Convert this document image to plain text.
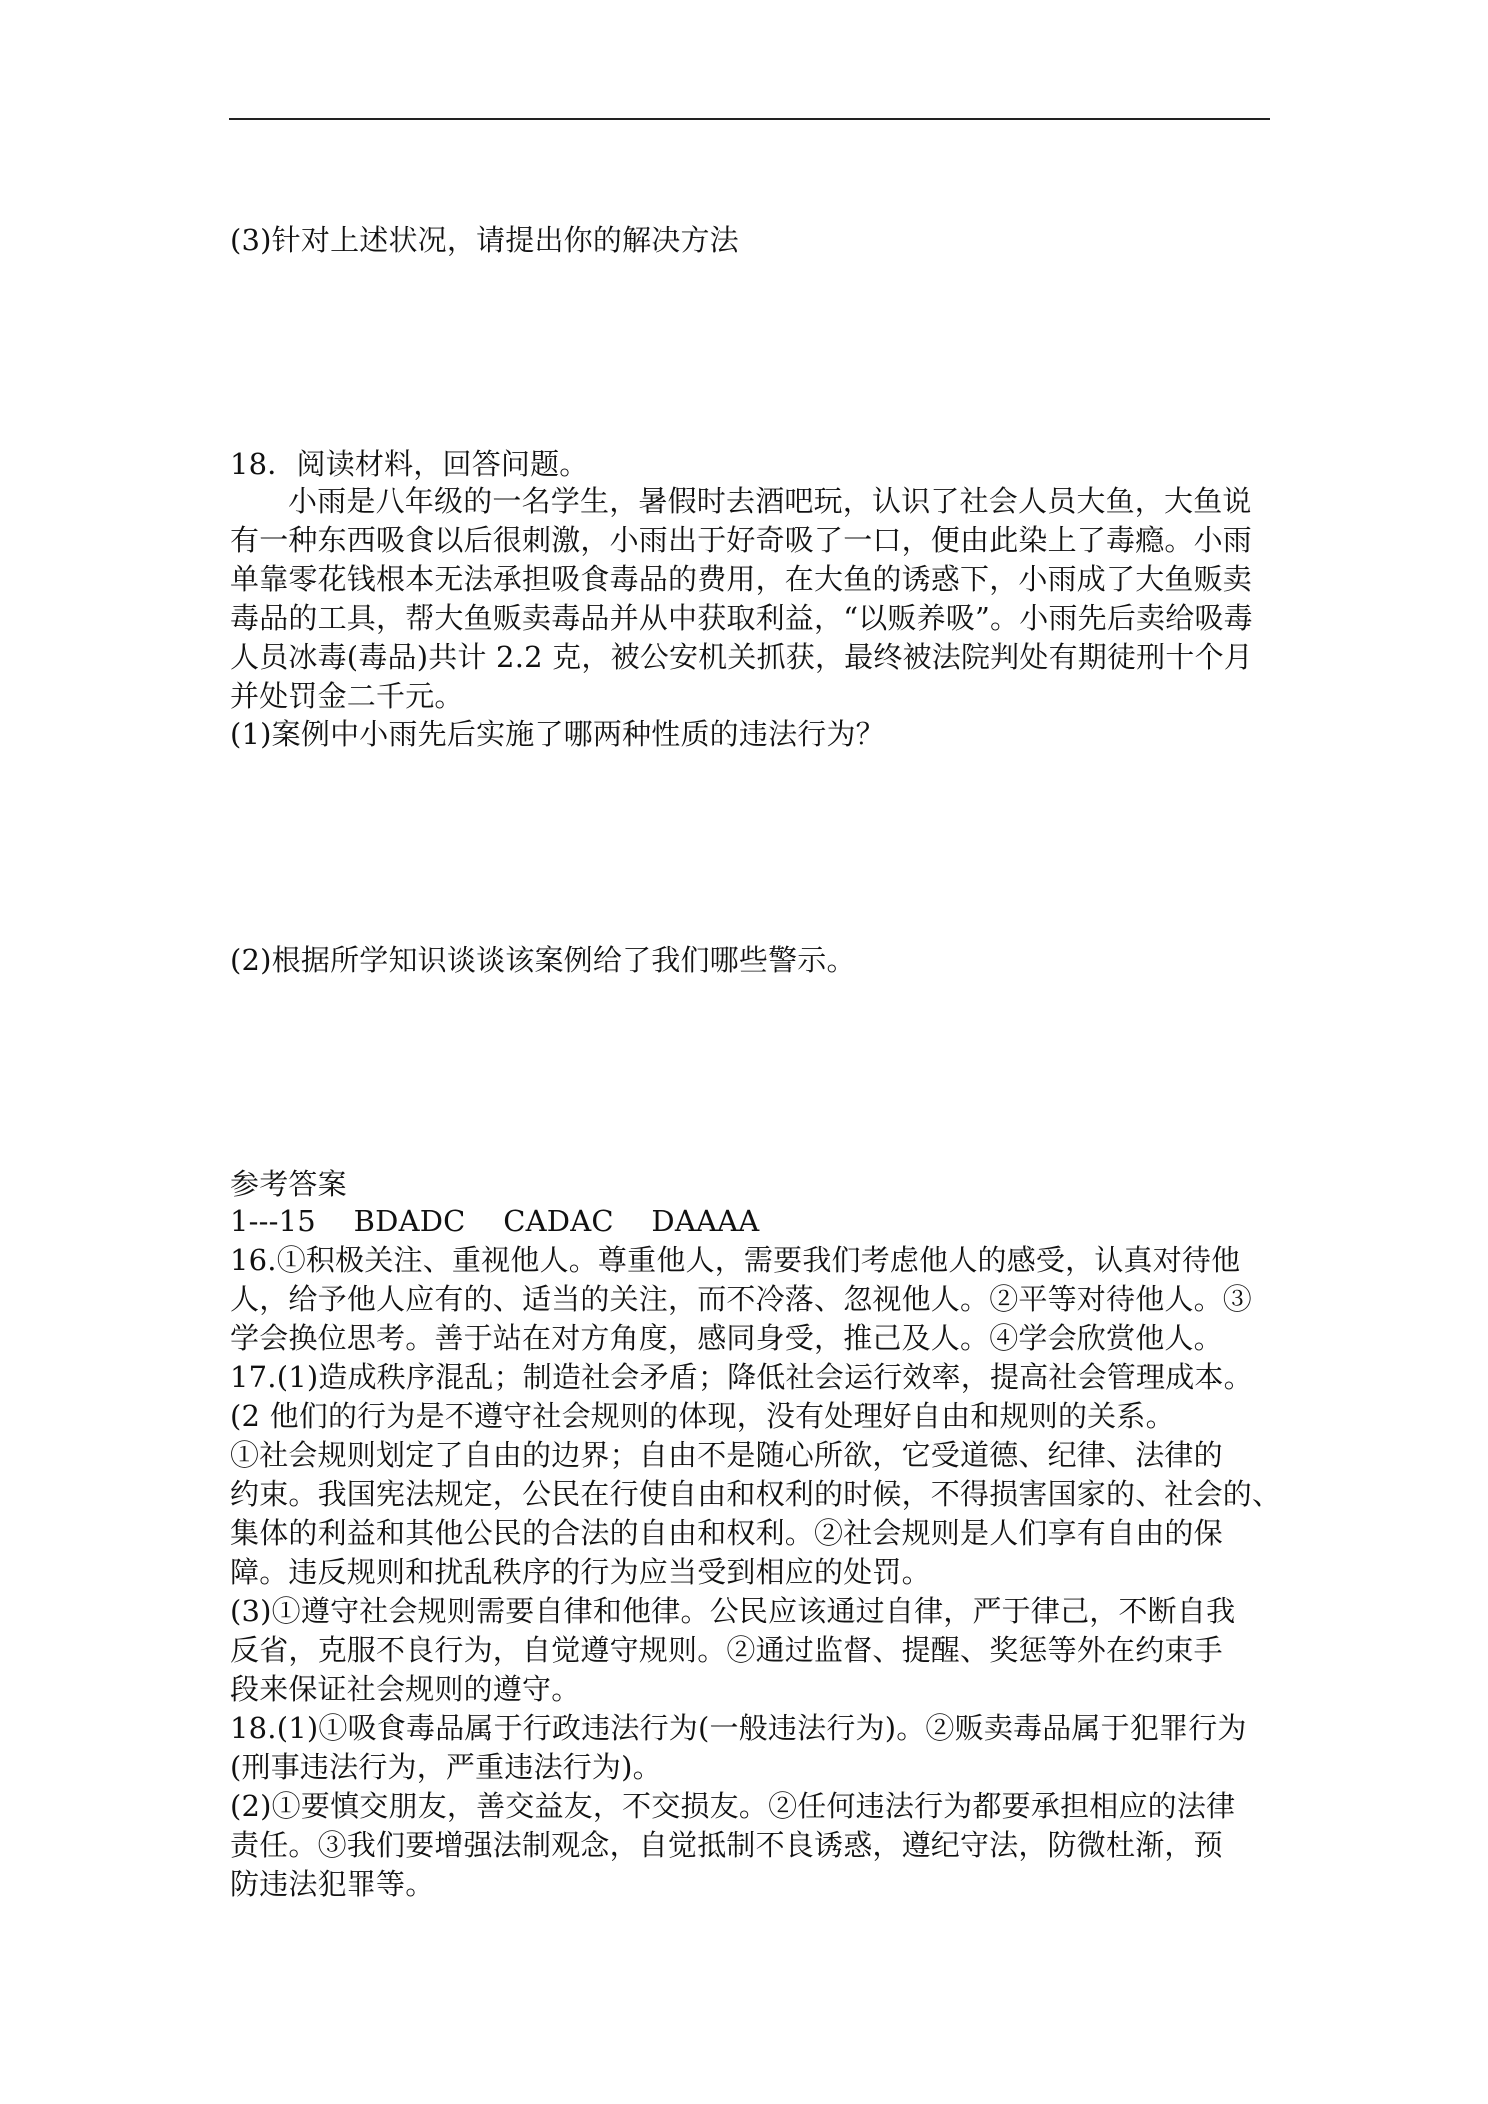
(3)针对上述状况，请提出你的解决方法
18．阅读材料，回答问题。
小雨是八年级的一名学生，暑假时去酒吧玩，认识了社会人员大鱼，大鱼说
有一种东西吸食以后很刺激，小雨出于好奇吸了一口，便由此染上了毒瘾。小雨
单靠零花钱根本无法承担吸食毒品的费用，在大鱼的诱惑下，小雨成了大鱼贩卖
毒品的工具，帮大鱼贩卖毒品并从中获取利益，“以贩养吸”。小雨先后卖给吸毒
人员冰毒(毒品)共计 2.2 克，被公安机关抓获，最终被法院判处有期徒刑十个月
并处罚金二千元。
(1)案例中小雨先后实施了哪两种性质的违法行为？
(2)根据所学知识谈谈该案例给了我们哪些警示。
参考答案
1---15    BDADC    CADAC    DAAAA
16.①积极关注、重视他人。尊重他人，需要我们考虑他人的感受，认真对待他
人，给予他人应有的、适当的关注，而不冷落、忽视他人。②平等对待他人。③
学会换位思考。善于站在对方角度，感同身受，推己及人。④学会欣赏他人。
17.(1)造成秩序混乱；制造社会矛盾；降低社会运行效率，提高社会管理成本。
(2 他们的行为是不遵守社会规则的体现，没有处理好自由和规则的关系。
①社会规则划定了自由的边界；自由不是随心所欲，它受道德、纪律、法律的
约束。我国宪法规定，公民在行使自由和权利的时候，不得损害国家的、社会的、
集体的利益和其他公民的合法的自由和权利。②社会规则是人们享有自由的保
障。违反规则和扰乱秩序的行为应当受到相应的处罚。
(3)①遵守社会规则需要自律和他律。公民应该通过自律，严于律己，不断自我
反省，克服不良行为，自觉遵守规则。②通过监督、提醒、奖惩等外在约束手
段来保证社会规则的遵守。
18.(1)①吸食毒品属于行政违法行为(一般违法行为)。②贩卖毒品属于犯罪行为
(刑事违法行为，严重违法行为)。
(2)①要慎交朋友，善交益友，不交损友。②任何违法行为都要承担相应的法律
责任。③我们要增强法制观念，自觉抵制不良诱惑，遵纪守法，防微杜渐，预
防违法犯罪等。
